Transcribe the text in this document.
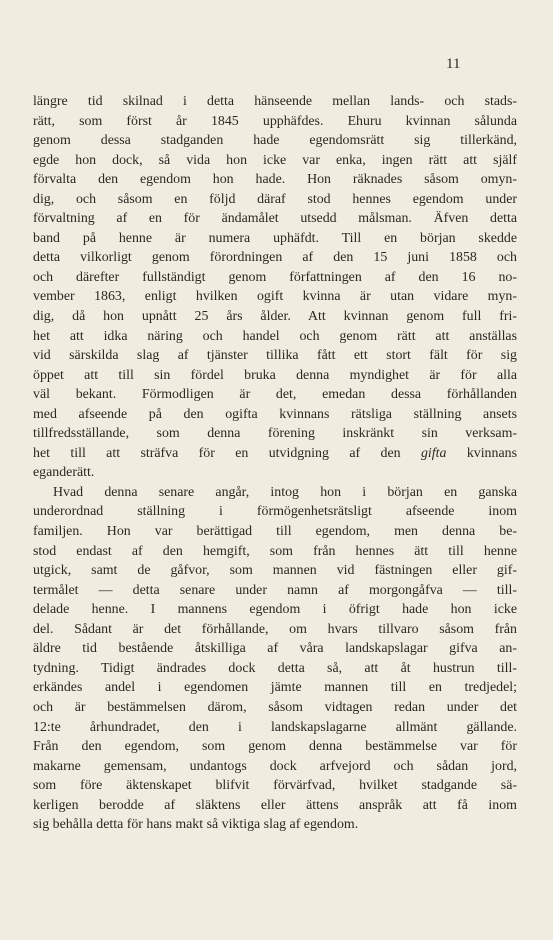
11
längre tid skilnad i detta hänseende mellan lands- och stads-
rätt, som först år 1845 upphäfdes. Ehuru kvinnan sålunda
genom dessa stadganden hade egendomsrätt sig tillerkänd,
egde hon dock, så vida hon icke var enka, ingen rätt att själf
förvalta den egendom hon hade. Hon räknades såsom omyn-
dig, och såsom en följd däraf stod hennes egendom under
förvaltning af en för ändamålet utsedd målsman. Äfven detta
band på henne är numera uphäfdt. Till en början skedde
detta vilkorligt genom förordningen af den 15 juni 1858 och
och därefter fullständigt genom författningen af den 16 no-
vember 1863, enligt hvilken ogift kvinna är utan vidare myn-
dig, då hon upnått 25 års ålder. Att kvinnan genom full fri-
het att idka näring och handel och genom rätt att anställas
vid särskilda slag af tjänster tillika fått ett stort fält för sig
öppet att till sin fördel bruka denna myndighet är för alla
väl bekant. Förmodligen är det, emedan dessa förhållanden
med afseende på den ogifta kvinnans rätsliga ställning ansets
tillfredsställande, som denna förening inskränkt sin verksam-
het till att sträfva för en utvidgning af den gifta kvinnans
eganderätt.
Hvad denna senare angår, intog hon i början en ganska
underordnad ställning i förmögenhetsrätsligt afseende inom
familjen. Hon var berättigad till egendom, men denna be-
stod endast af den hemgift, som från hennes ätt till henne
utgick, samt de gåfvor, som mannen vid fästningen eller gif-
termålet — detta senare under namn af morgongåfva — till-
delade henne. I mannens egendom i öfrigt hade hon icke
del. Sådant är det förhållande, om hvars tillvaro såsom från
äldre tid bestående åtskilliga af våra landskapslagar gifva an-
tydning. Tidigt ändrades dock detta så, att åt hustrun till-
erkändes andel i egendomen jämte mannen till en tredjedel;
och är bestämmelsen därom, såsom vidtagen redan under det
12:te århundradet, den i landskapslagarne allmänt gällande.
Från den egendom, som genom denna bestämmelse var för
makarne gemensam, undantogs dock arfvejord och sådan jord,
som före äktenskapet blifvit förvärfvad, hvilket stadgande sä-
kerligen berodde af släktens eller ättens anspråk att få inom
sig behålla detta för hans makt så viktiga slag af egendom.
